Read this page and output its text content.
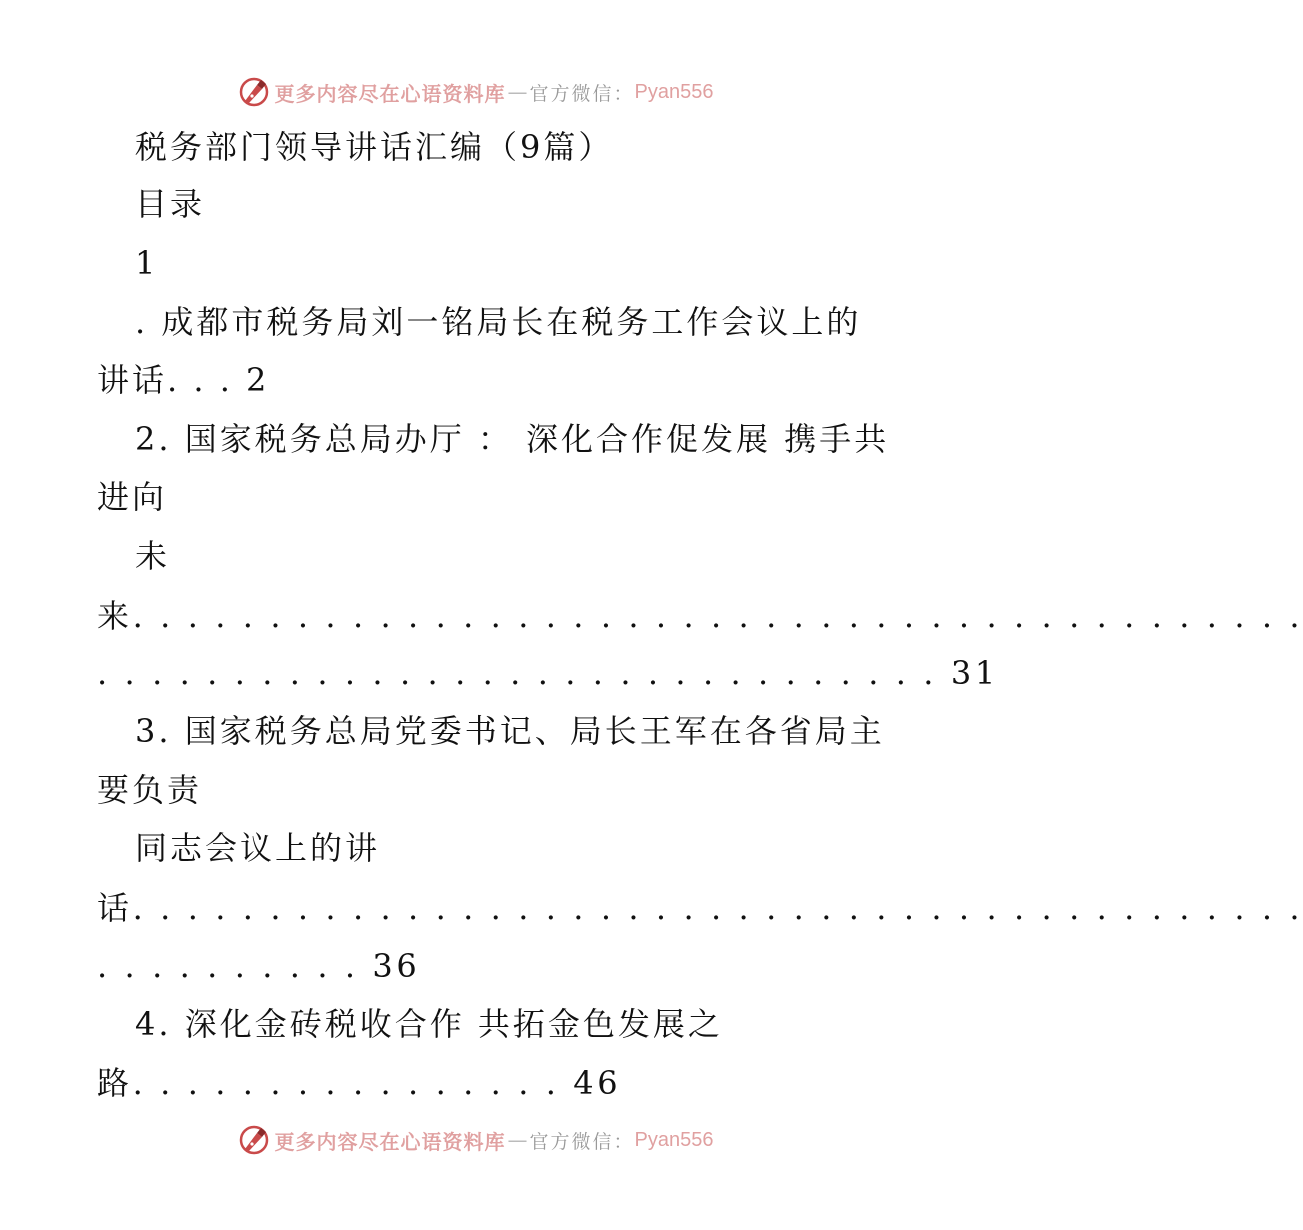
更多内容尽在心语资料库 — 官方微信： Pyan556
税务部门领导讲话汇编（9篇）
目录
1
. 成都市税务局刘一铭局长在税务工作会议上的
讲话. . . 2
2. 国家税务总局办厅 ： 深化合作促发展 携手共
进向
未
来. . . . . . . . . . . . . . . . . . . . . . . . . . . . . . . . . . . . . . . . . . .
. . . . . . . . . . . . . . . . . . . . . . . . . . . . . . . 31
3. 国家税务总局党委书记、局长王军在各省局主
要负责
同志会议上的讲
话. . . . . . . . . . . . . . . . . . . . . . . . . . . . . . . . . . . . . . . . . . .
. . . . . . . . . . 36
4. 深化金砖税收合作 共拓金色发展之
路. . . . . . . . . . . . . . . . 46
更多内容尽在心语资料库 — 官方微信： Pyan556
